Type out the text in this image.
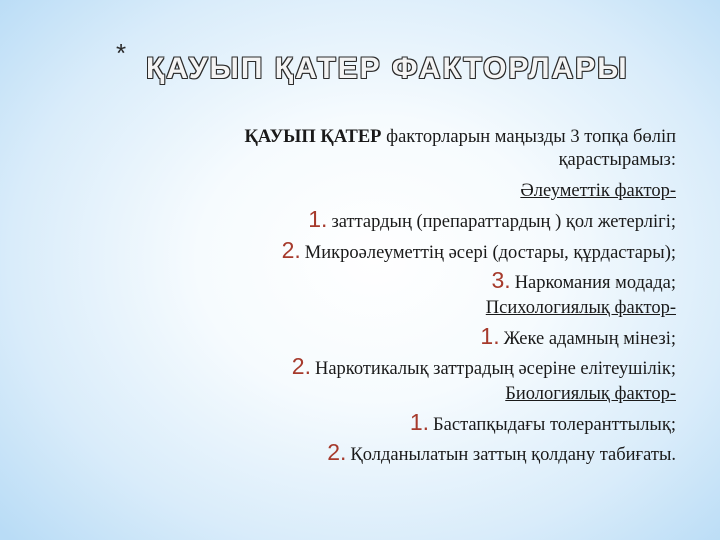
* ҚАУЫП ҚАТЕР ФАКТОРЛАРЫ
ҚАУЫП ҚАТЕР факторларын маңызды 3 топқа бөліп
қарастырамыз:
Әлеуметтік фактор-
1. заттардың (препараттардың ) қол жетерлігі;
2. Микроәлеуметтің әсері (достары, құрдастары);
3. Наркомания модада;
Психологиялық фактор-
1. Жеке адамның мінезі;
2. Наркотикалық заттрадың әсеріне елітеушілік;
Биологиялық фактор-
1. Бастапқыдағы толеранттылық;
2. Қолданылатын заттың қолдану табиғаты.
